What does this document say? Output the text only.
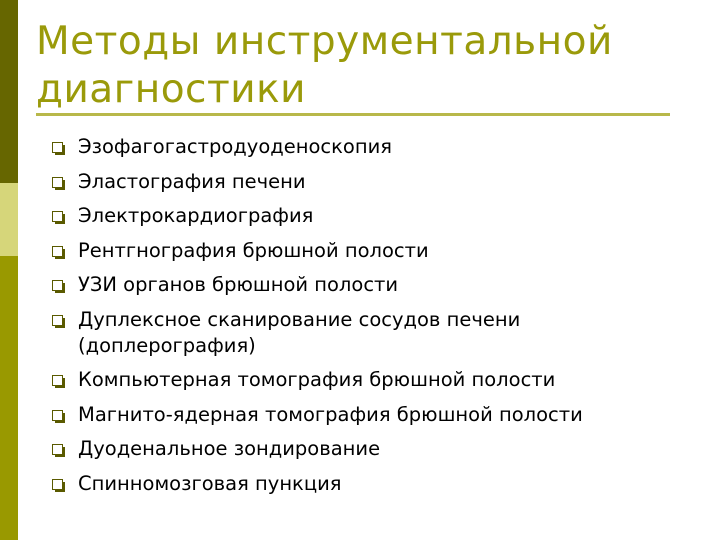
Методы инструментальной
диагностики
Эзофагогастродуоденоскопия
Эластография печени
Электрокардиография
Рентгнография брюшной полости
УЗИ органов брюшной полости
Дуплексное сканирование сосудов печени (доплерография)
Компьютерная томография брюшной полости
Магнито-ядерная томография брюшной полости
Дуоденальное зондирование
Спинномозговая пункция
